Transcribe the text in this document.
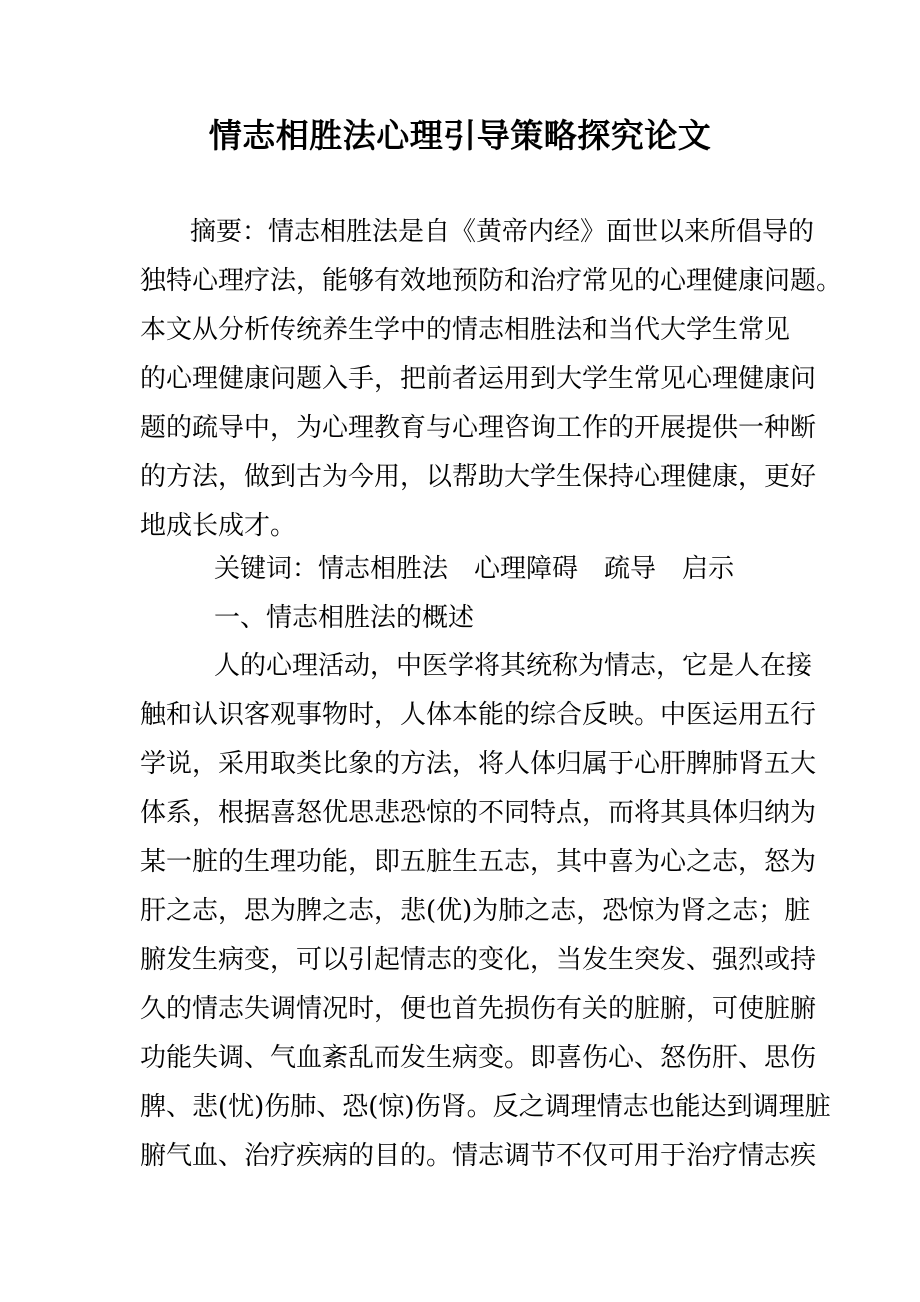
情志相胜法心理引导策略探究论文

摘要：情志相胜法是自《黄帝内经》面世以来所倡导的

独特心理疗法，能够有效地预防和治疗常见的心理健康问题。

本文从分析传统养生学中的情志相胜法和当代大学生常见

的心理健康问题入手，把前者运用到大学生常见心理健康问

题的疏导中，为心理教育与心理咨询工作的开展提供一种断

的方法，做到古为今用，以帮助大学生保持心理健康，更好

地成长成才。

关键词：情志相胜法 心理障碍 疏导 启示

一、情志相胜法的概述

人的心理活动，中医学将其统称为情志，它是人在接

触和认识客观事物时，人体本能的综合反映。中医运用五行

学说，采用取类比象的方法，将人体归属于心肝脾肺肾五大

体系，根据喜怒优思悲恐惊的不同特点，而将其具体归纳为

某一脏的生理功能，即五脏生五志，其中喜为心之志，怒为

肝之志，思为脾之志，悲(优)为肺之志，恐惊为肾之志；脏

腑发生病变，可以引起情志的变化，当发生突发、强烈或持

久的情志失调情况时，便也首先损伤有关的脏腑，可使脏腑

功能失调、气血紊乱而发生病变。即喜伤心、怒伤肝、思伤

脾、悲(忧)伤肺、恐(惊)伤肾。反之调理情志也能达到调理脏

腑气血、治疗疾病的目的。情志调节不仅可用于治疗情志疾
